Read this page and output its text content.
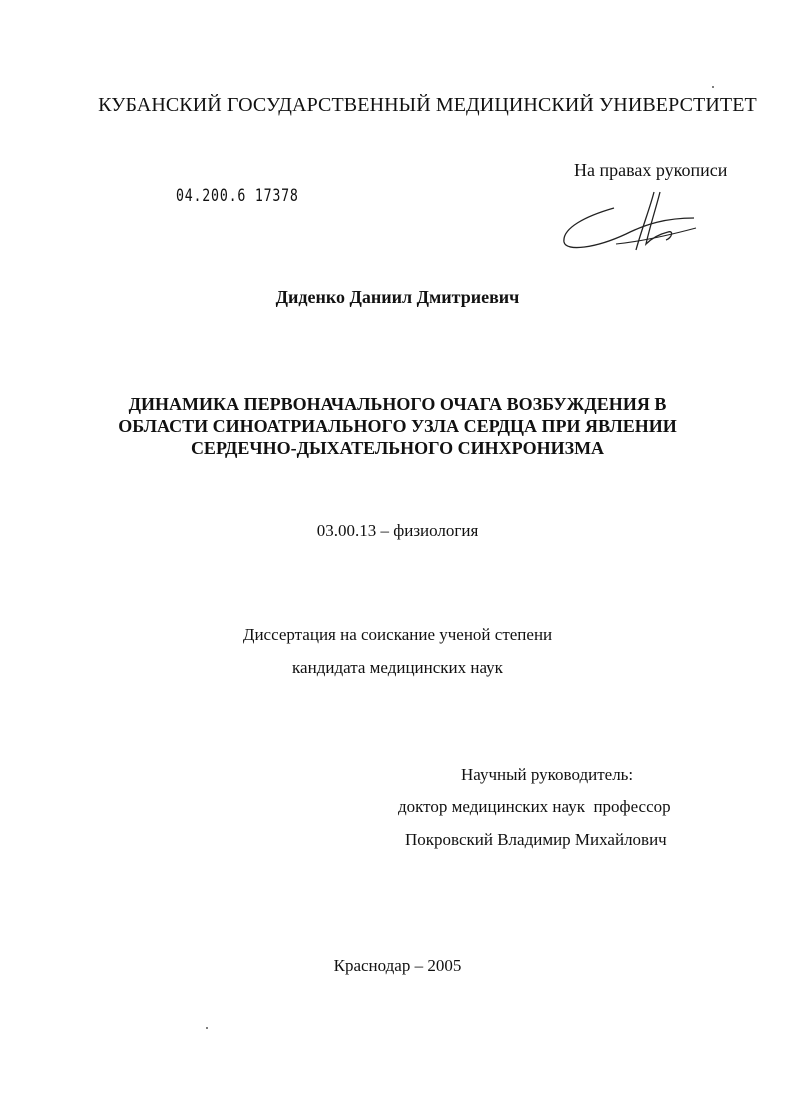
КУБАНСКИЙ ГОСУДАРСТВЕННЫЙ МЕДИЦИНСКИЙ УНИВЕРСТИТЕТ
На правах рукописи
04.200.6 17378
Диденко Даниил Дмитриевич
ДИНАМИКА ПЕРВОНАЧАЛЬНОГО ОЧАГА ВОЗБУЖДЕНИЯ В
ОБЛАСТИ СИНОАТРИАЛЬНОГО УЗЛА СЕРДЦА ПРИ ЯВЛЕНИИ
СЕРДЕЧНО-ДЫХАТЕЛЬНОГО СИНХРОНИЗМА
03.00.13 – физиология
Диссертация на соискание ученой степени
кандидата медицинских наук
Научный руководитель:
доктор медицинских наук  профессор
Покровский Владимир Михайлович
Краснодар – 2005
